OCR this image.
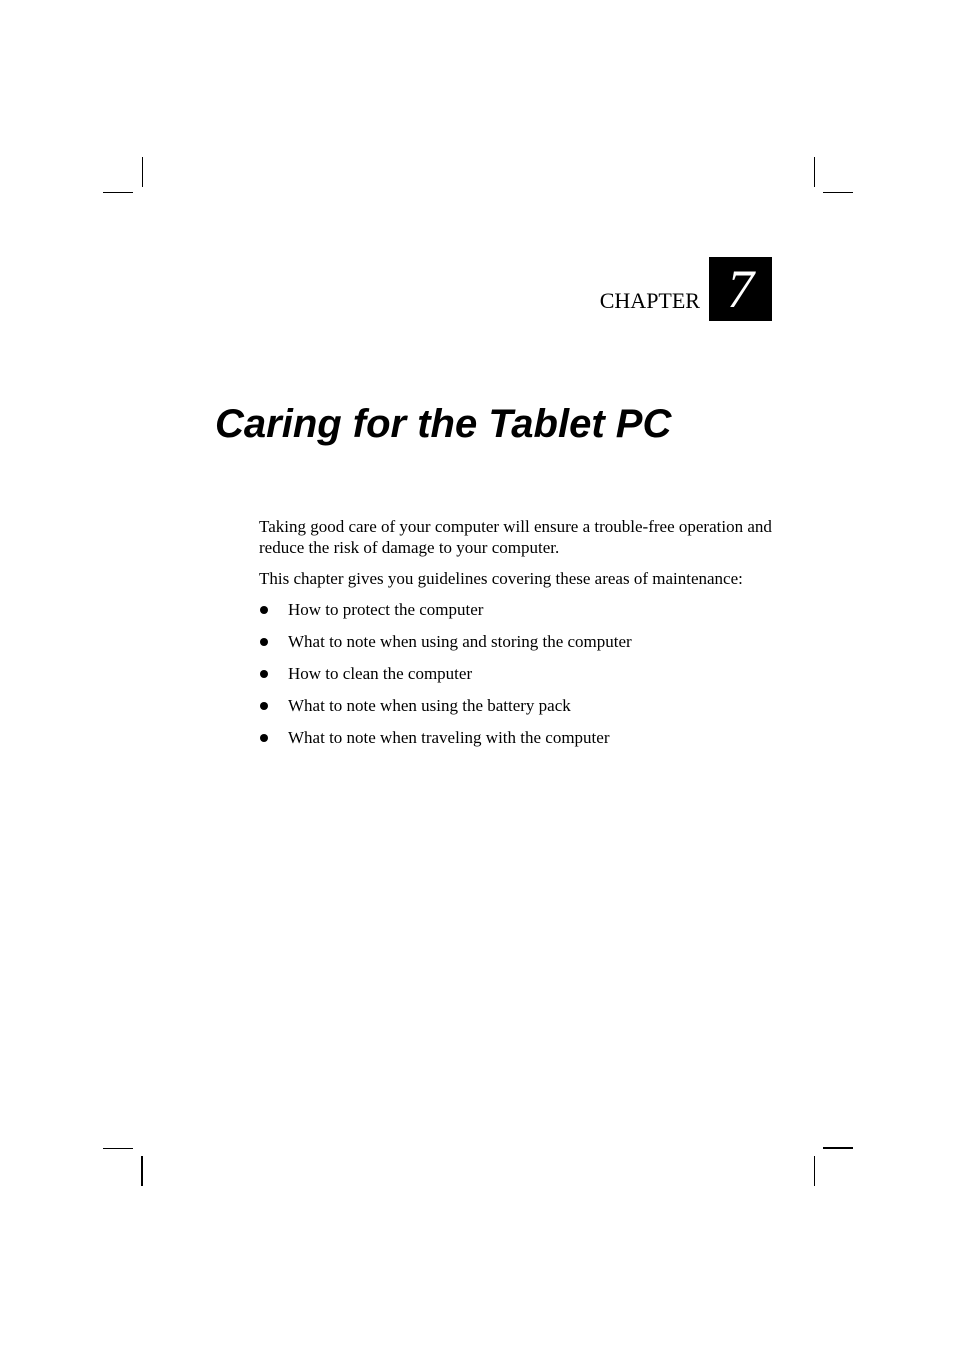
CHAPTER 7
Caring for the Tablet PC

Taking good care of your computer will ensure a trouble-free operation and reduce the risk of damage to your computer.

This chapter gives you guidelines covering these areas of maintenance:

How to protect the computer
What to note when using and storing the computer
How to clean the computer
What to note when using the battery pack
What to note when traveling with the computer
